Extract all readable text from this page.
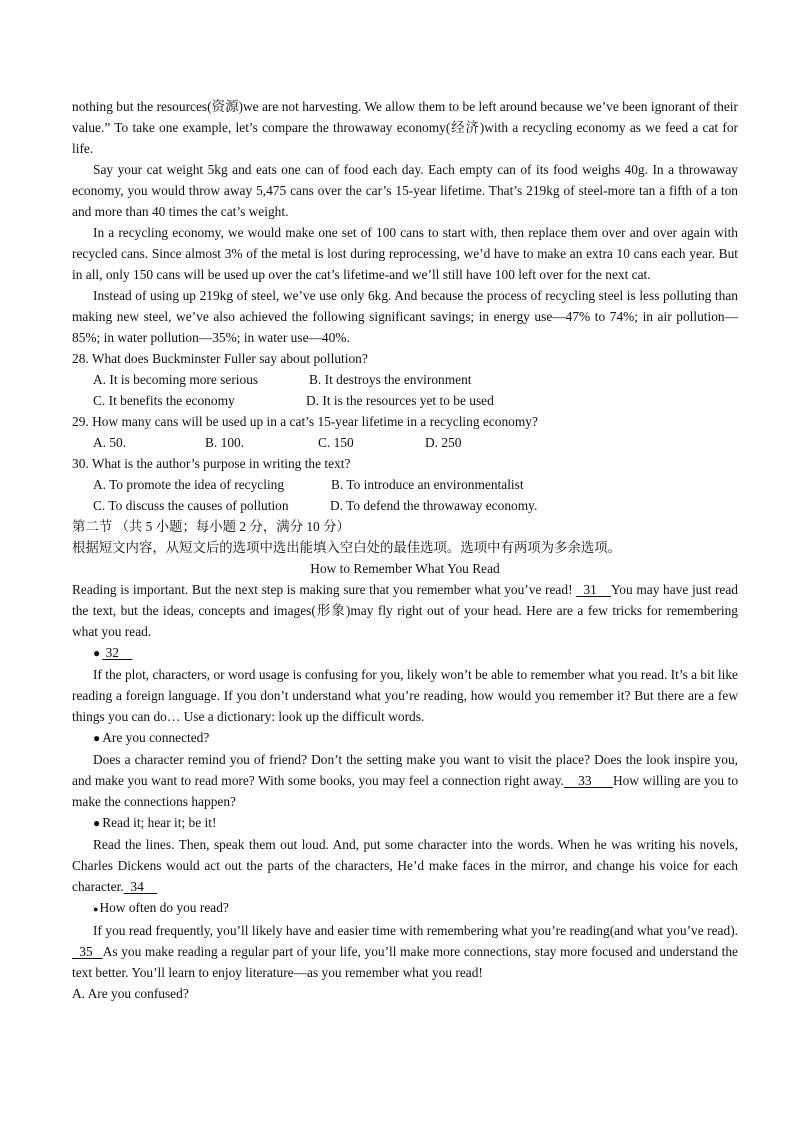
nothing but the resources(资源)we are not harvesting. We allow them to be left around because we’ve been ignorant of their value.” To take one example, let’s compare the throwaway economy(经济)with a recycling economy as we feed a cat for life.

Say your cat weight 5kg and eats one can of food each day. Each empty can of its food weighs 40g. In a throwaway economy, you would throw away 5,475 cans over the car’s 15-year lifetime. That’s 219kg of steel-more tan a fifth of a ton and more than 40 times the cat’s weight.

In a recycling economy, we would make one set of 100 cans to start with, then replace them over and over again with recycled cans. Since almost 3% of the metal is lost during reprocessing, we’d have to make an extra 10 cans each year. But in all, only 150 cans will be used up over the cat’s lifetime-and we’ll still have 100 left over for the next cat.

Instead of using up 219kg of steel, we’ve use only 6kg. And because the process of recycling steel is less polluting than making new steel, we’ve also achieved the following significant savings; in energy use—47% to 74%; in air pollution—85%; in water pollution—35%; in water use—40%.

28. What does Buckminster Fuller say about pollution?
A. It is becoming more serious	B. It destroys the environment
C. It benefits the economy	D. It is the resources yet to be used
29. How many cans will be used up in a cat’s 15-year lifetime in a recycling economy?
A. 50.	B. 100.	C. 150	D. 250
30. What is the author’s purpose in writing the text?
A. To promote the idea of recycling	B. To introduce an environmentalist
C. To discuss the causes of pollution	D. To defend the throwaway economy.
第二节 （共 5 小题；每小题 2 分，满分 10 分）
根据短文内容，从短文后的选项中选出能填入空白处的最佳选项。选项中有两项为多余选项。
How to Remember What You Read

Reading is important. But the next step is making sure that you remember what you’ve read!   31 You may have just read the text, but the ideas, concepts and images(形象)may fly right out of your head. Here are a few tricks for remembering what you read.

● 32

If the plot, characters, or word usage is confusing for you, likely won’t be able to remember what you read. It’s a bit like reading a foreign language. If you don’t understand what you’re reading, how would you remember it? But there are a few things you can do… Use a dictionary: look up the difficult words.

● Are you connected?

Does a character remind you of friend? Don’t the setting make you want to visit the place? Does the look inspire you, and make you want to read more? With some books, you may feel a connection right away. 33 How willing are you to make the connections happen?

● Read it; hear it; be it!

Read the lines. Then, speak them out loud. And, put some character into the words. When he was writing his novels, Charles Dickens would act out the parts of the characters, He’d make faces in the mirror, and change his voice for each character. 34

●How often do you read?

If you read frequently, you’ll likely have and easier time with remembering what you’re reading(and what you’ve read).  35 As you make reading a regular part of your life, you’ll make more connections, stay more focused and understand the text better. You’ll learn to enjoy literature—as you remember what you read!

A. Are you confused?
